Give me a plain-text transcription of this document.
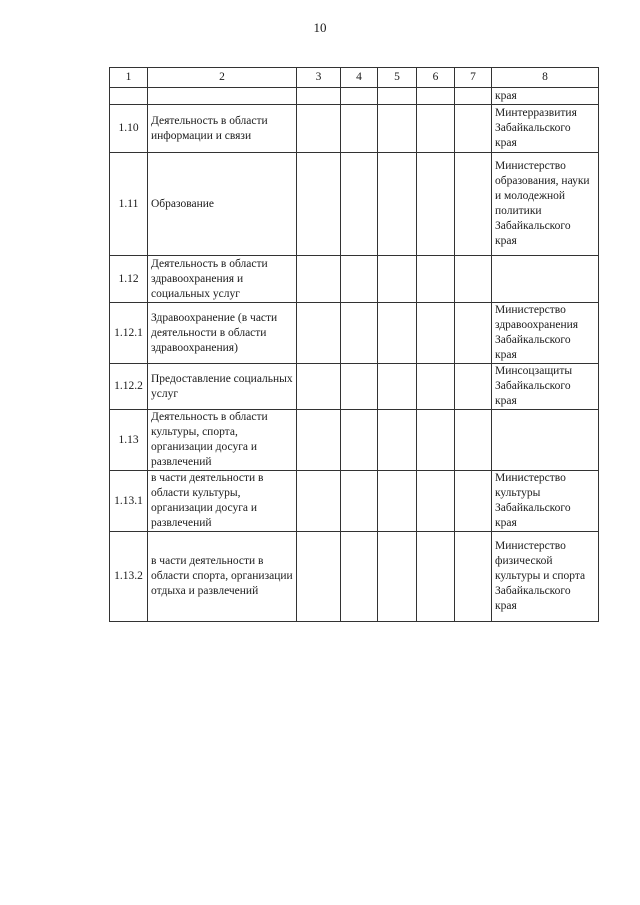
10
1	2	3	4	5	6	7	8
							края
1.10	Деятельность в области информации и связи						Минтерразвития Забайкальского края
1.11	Образование						Министерство образования, науки и молодежной политики Забайкальского края
1.12	Деятельность в области здравоохранения и социальных услуг						
1.12.1	Здравоохранение (в части деятельности в области здравоохранения)						Министерство здравоохранения Забайкальского края
1.12.2	Предоставление социальных услуг						Минсоцзащиты Забайкальского края
1.13	Деятельность в области культуры, спорта, организации досуга и развлечений						
1.13.1	в части деятельности в области культуры, организации досуга и развлечений						Министерство культуры Забайкальского края
1.13.2	в части деятельности в области спорта, организации отдыха и развлечений						Министерство физической культуры и спорта Забайкальского края
